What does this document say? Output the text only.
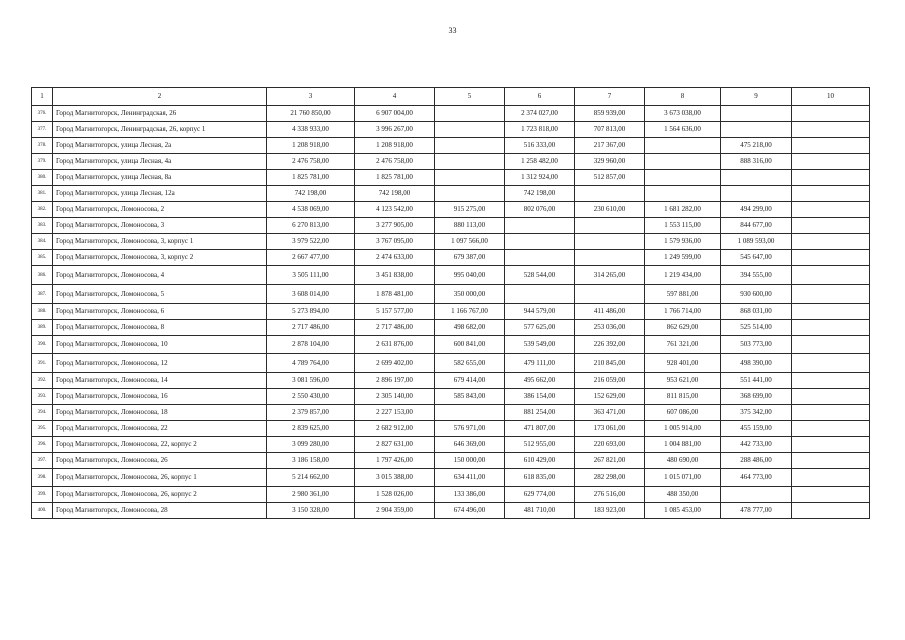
33
1	2	3	4	5	6	7	8	9	10
376.	Город Магнитогорск, Ленинградская, 26	21 760 850,00	6 907 004,00		2 374 027,00	859 939,00	3 673 038,00		
377.	Город Магнитогорск, Ленинградская, 26, корпус 1	4 338 933,00	3 996 267,00		1 723 818,00	707 813,00	1 564 636,00		
378.	Город Магнитогорск, улица Лесная, 2а	1 208 918,00	1 208 918,00		516 333,00	217 367,00		475 218,00	
379.	Город Магнитогорск, улица Лесная, 4а	2 476 758,00	2 476 758,00		1 258 482,00	329 960,00		888 316,00	
380.	Город Магнитогорск, улица Лесная, 8а	1 825 781,00	1 825 781,00		1 312 924,00	512 857,00			
381.	Город Магнитогорск, улица Лесная, 12а	742 198,00	742 198,00		742 198,00				
382.	Город Магнитогорск, Ломоносова, 2	4 538 069,00	4 123 542,00	915 275,00	802 076,00	230 610,00	1 681 282,00	494 299,00	
383.	Город Магнитогорск, Ломоносова, 3	6 270 813,00	3 277 905,00	880 113,00			1 553 115,00	844 677,00	
384.	Город Магнитогорск, Ломоносова, 3, корпус 1	3 979 522,00	3 767 095,00	1 097 566,00			1 579 936,00	1 089 593,00	
385.	Город Магнитогорск, Ломоносова, 3, корпус 2	2 667 477,00	2 474 633,00	679 387,00			1 249 599,00	545 647,00	
386.	Город Магнитогорск, Ломоносова, 4	3 505 111,00	3 451 838,00	995 040,00	528 544,00	314 265,00	1 219 434,00	394 555,00	
387.	Город Магнитогорск, Ломоносова, 5	3 608 014,00	1 878 481,00	350 000,00			597 881,00	930 600,00	
388.	Город Магнитогорск, Ломоносова, 6	5 273 894,00	5 157 577,00	1 166 767,00	944 579,00	411 486,00	1 766 714,00	868 031,00	
389.	Город Магнитогорск, Ломоносова, 8	2 717 486,00	2 717 486,00	498 682,00	577 625,00	253 036,00	862 629,00	525 514,00	
390.	Город Магнитогорск, Ломоносова, 10	2 878 104,00	2 631 876,00	600 841,00	539 549,00	226 392,00	761 321,00	503 773,00	
391.	Город Магнитогорск, Ломоносова, 12	4 789 764,00	2 699 402,00	582 655,00	479 111,00	210 845,00	928 401,00	498 390,00	
392.	Город Магнитогорск, Ломоносова, 14	3 081 596,00	2 896 197,00	679 414,00	495 662,00	216 059,00	953 621,00	551 441,00	
393.	Город Магнитогорск, Ломоносова, 16	2 550 430,00	2 305 140,00	585 843,00	386 154,00	152 629,00	811 815,00	368 699,00	
394.	Город Магнитогорск, Ломоносова, 18	2 379 857,00	2 227 153,00		881 254,00	363 471,00	607 086,00	375 342,00	
395.	Город Магнитогорск, Ломоносова, 22	2 839 625,00	2 682 912,00	576 971,00	471 807,00	173 061,00	1 005 914,00	455 159,00	
396.	Город Магнитогорск, Ломоносова, 22, корпус 2	3 099 280,00	2 827 631,00	646 369,00	512 955,00	220 693,00	1 004 881,00	442 733,00	
397.	Город Магнитогорск, Ломоносова, 26	3 186 158,00	1 797 426,00	150 000,00	610 429,00	267 821,00	480 690,00	288 486,00	
398.	Город Магнитогорск, Ломоносова, 26, корпус 1	5 214 662,00	3 015 388,00	634 411,00	618 835,00	282 298,00	1 015 071,00	464 773,00	
399.	Город Магнитогорск, Ломоносова, 26, корпус 2	2 980 361,00	1 528 026,00	133 386,00	629 774,00	276 516,00	488 350,00		
400.	Город Магнитогорск, Ломоносова, 28	3 150 328,00	2 904 359,00	674 496,00	481 710,00	183 923,00	1 085 453,00	478 777,00	
